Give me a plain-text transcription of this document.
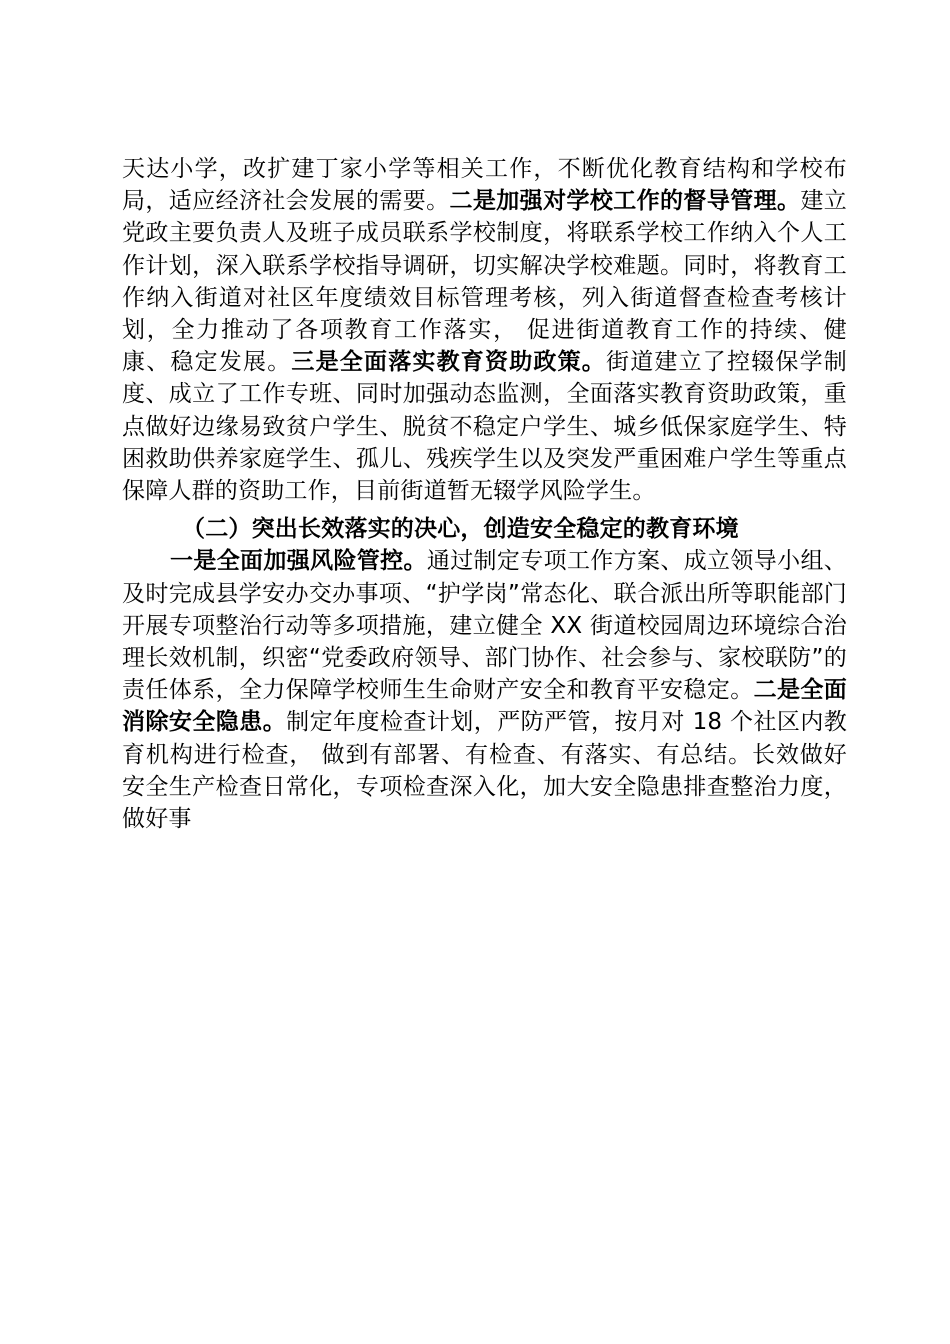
天达小学，改扩建丁家小学等相关工作，不断优化教育结构和学校布局，适应经济社会发展的需要。二是加强对学校工作的督导管理。建立党政主要负责人及班子成员联系学校制度，将联系学校工作纳入个人工作计划，深入联系学校指导调研，切实解决学校难题。同时，将教育工作纳入街道对社区年度绩效目标管理考核，列入街道督查检查考核计划，全力推动了各项教育工作落实， 促进街道教育工作的持续、健康、稳定发展。三是全面落实教育资助政策。街道建立了控辍保学制度、成立了工作专班、同时加强动态监测，全面落实教育资助政策，重点做好边缘易致贫户学生、脱贫不稳定户学生、城乡低保家庭学生、特困救助供养家庭学生、孤儿、残疾学生以及突发严重困难户学生等重点保障人群的资助工作，目前街道暂无辍学风险学生。

（二）突出长效落实的决心，创造安全稳定的教育环境

一是全面加强风险管控。通过制定专项工作方案、成立领导小组、及时完成县学安办交办事项、“护学岗”常态化、联合派出所等职能部门开展专项整治行动等多项措施，建立健全 XX 街道校园周边环境综合治理长效机制，织密“党委政府领导、部门协作、社会参与、家校联防”的责任体系，全力保障学校师生生命财产安全和教育平安稳定。二是全面消除安全隐患。制定年度检查计划，严防严管，按月对 18 个社区内教育机构进行检查， 做到有部署、有检查、有落实、有总结。长效做好安全生产检查日常化，专项检查深入化，加大安全隐患排查整治力度，做好事
